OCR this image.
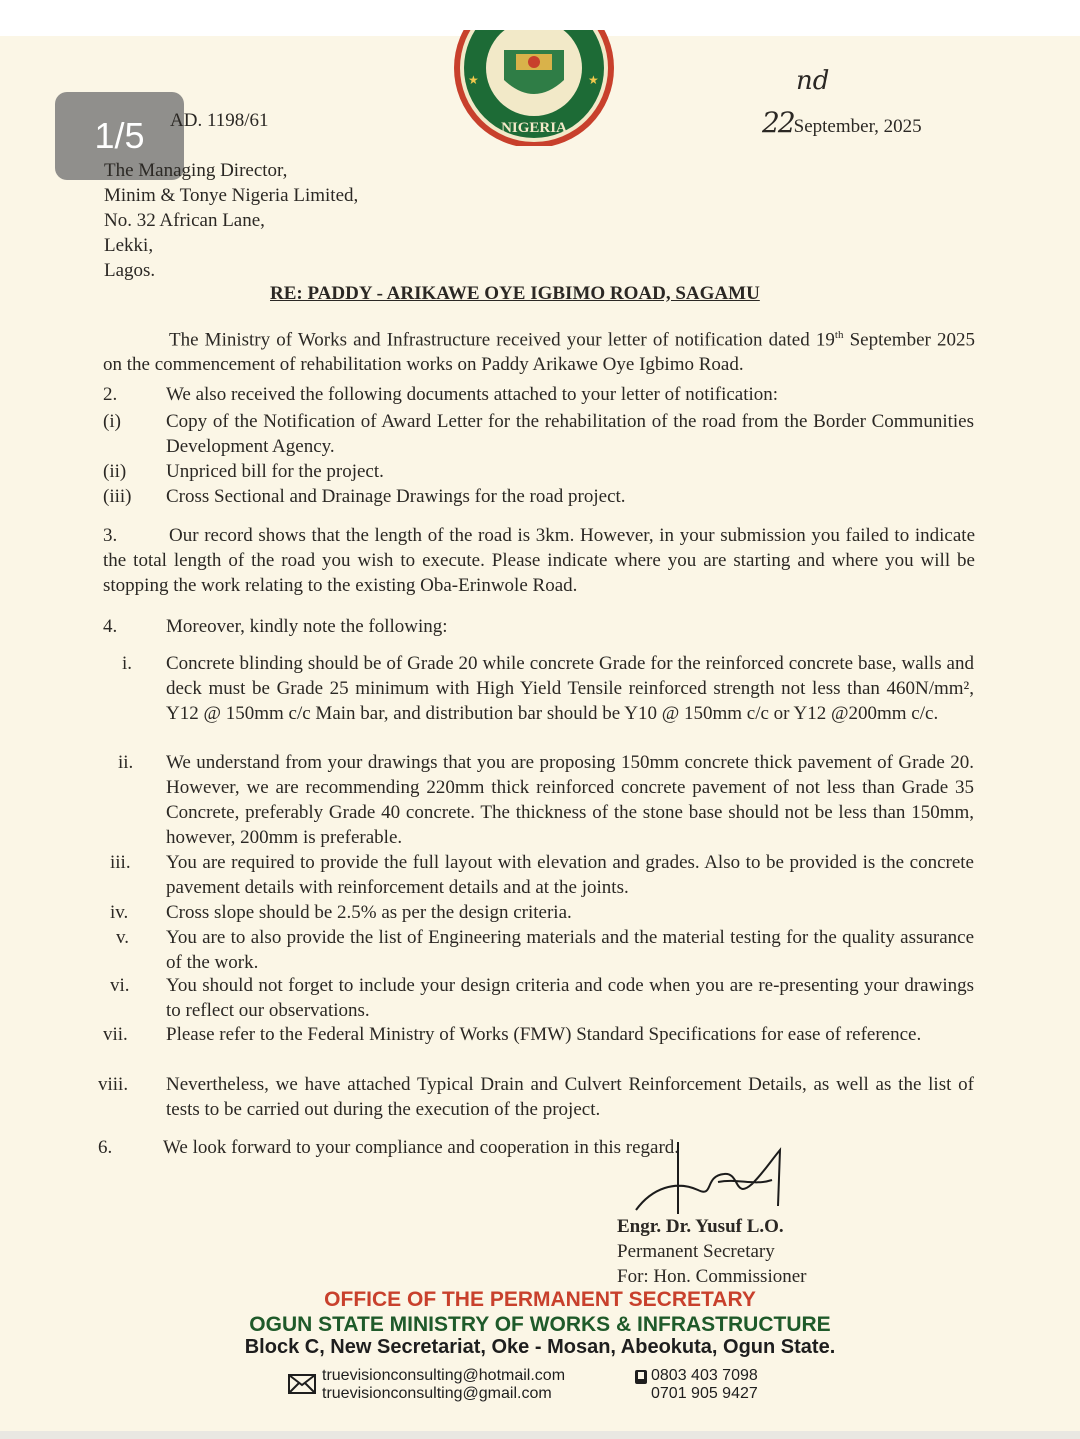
NIGERIA
★	★
1/5	AD. 1198/61
nd
22September, 2025
The Managing Director,
Minim & Tonye Nigeria Limited,
No. 32 African Lane,
Lekki,
Lagos.
RE: PADDY - ARIKAWE OYE IGBIMO ROAD, SAGAMU
The Ministry of Works and Infrastructure received your letter of notification dated 19th September 2025 on the commencement of rehabilitation works on Paddy Arikawe Oye Igbimo Road.
2.	We also received the following documents attached to your letter of notification:
(i) Copy of the Notification of Award Letter for the rehabilitation of the road from the Border Communities Development Agency.
(ii) Unpriced bill for the project.
(iii) Cross Sectional and Drainage Drawings for the road project.
3.	Our record shows that the length of the road is 3km. However, in your submission you failed to indicate the total length of the road you wish to execute. Please indicate where you are starting and where you will be stopping the work relating to the existing Oba-Erinwole Road.
4.	Moreover, kindly note the following:
i. Concrete blinding should be of Grade 20 while concrete Grade for the reinforced concrete base, walls and deck must be Grade 25 minimum with High Yield Tensile reinforced strength not less than 460N/mm², Y12 @ 150mm c/c Main bar, and distribution bar should be Y10 @ 150mm c/c or Y12 @200mm c/c.
ii. We understand from your drawings that you are proposing 150mm concrete thick pavement of Grade 20. However, we are recommending 220mm thick reinforced concrete pavement of not less than Grade 35 Concrete, preferably Grade 40 concrete. The thickness of the stone base should not be less than 150mm, however, 200mm is preferable.
iii. You are required to provide the full layout with elevation and grades. Also to be provided is the concrete pavement details with reinforcement details and at the joints.
iv. Cross slope should be 2.5% as per the design criteria.
v. You are to also provide the list of Engineering materials and the material testing for the quality assurance of the work.
vi. You should not forget to include your design criteria and code when you are re-presenting your drawings to reflect our observations.
vii. Please refer to the Federal Ministry of Works (FMW) Standard Specifications for ease of reference.
viii. Nevertheless, we have attached Typical Drain and Culvert Reinforcement Details, as well as the list of tests to be carried out during the execution of the project.
6.	We look forward to your compliance and cooperation in this regard.
Engr. Dr. Yusuf L.O.
Permanent Secretary
For: Hon. Commissioner
OFFICE OF THE PERMANENT SECRETARY
OGUN STATE MINISTRY OF WORKS & INFRASTRUCTURE
Block C, New Secretariat, Oke - Mosan, Abeokuta, Ogun State.
truevisionconsulting@hotmail.com
truevisionconsulting@gmail.com
0803 403 7098
0701 905 9427
